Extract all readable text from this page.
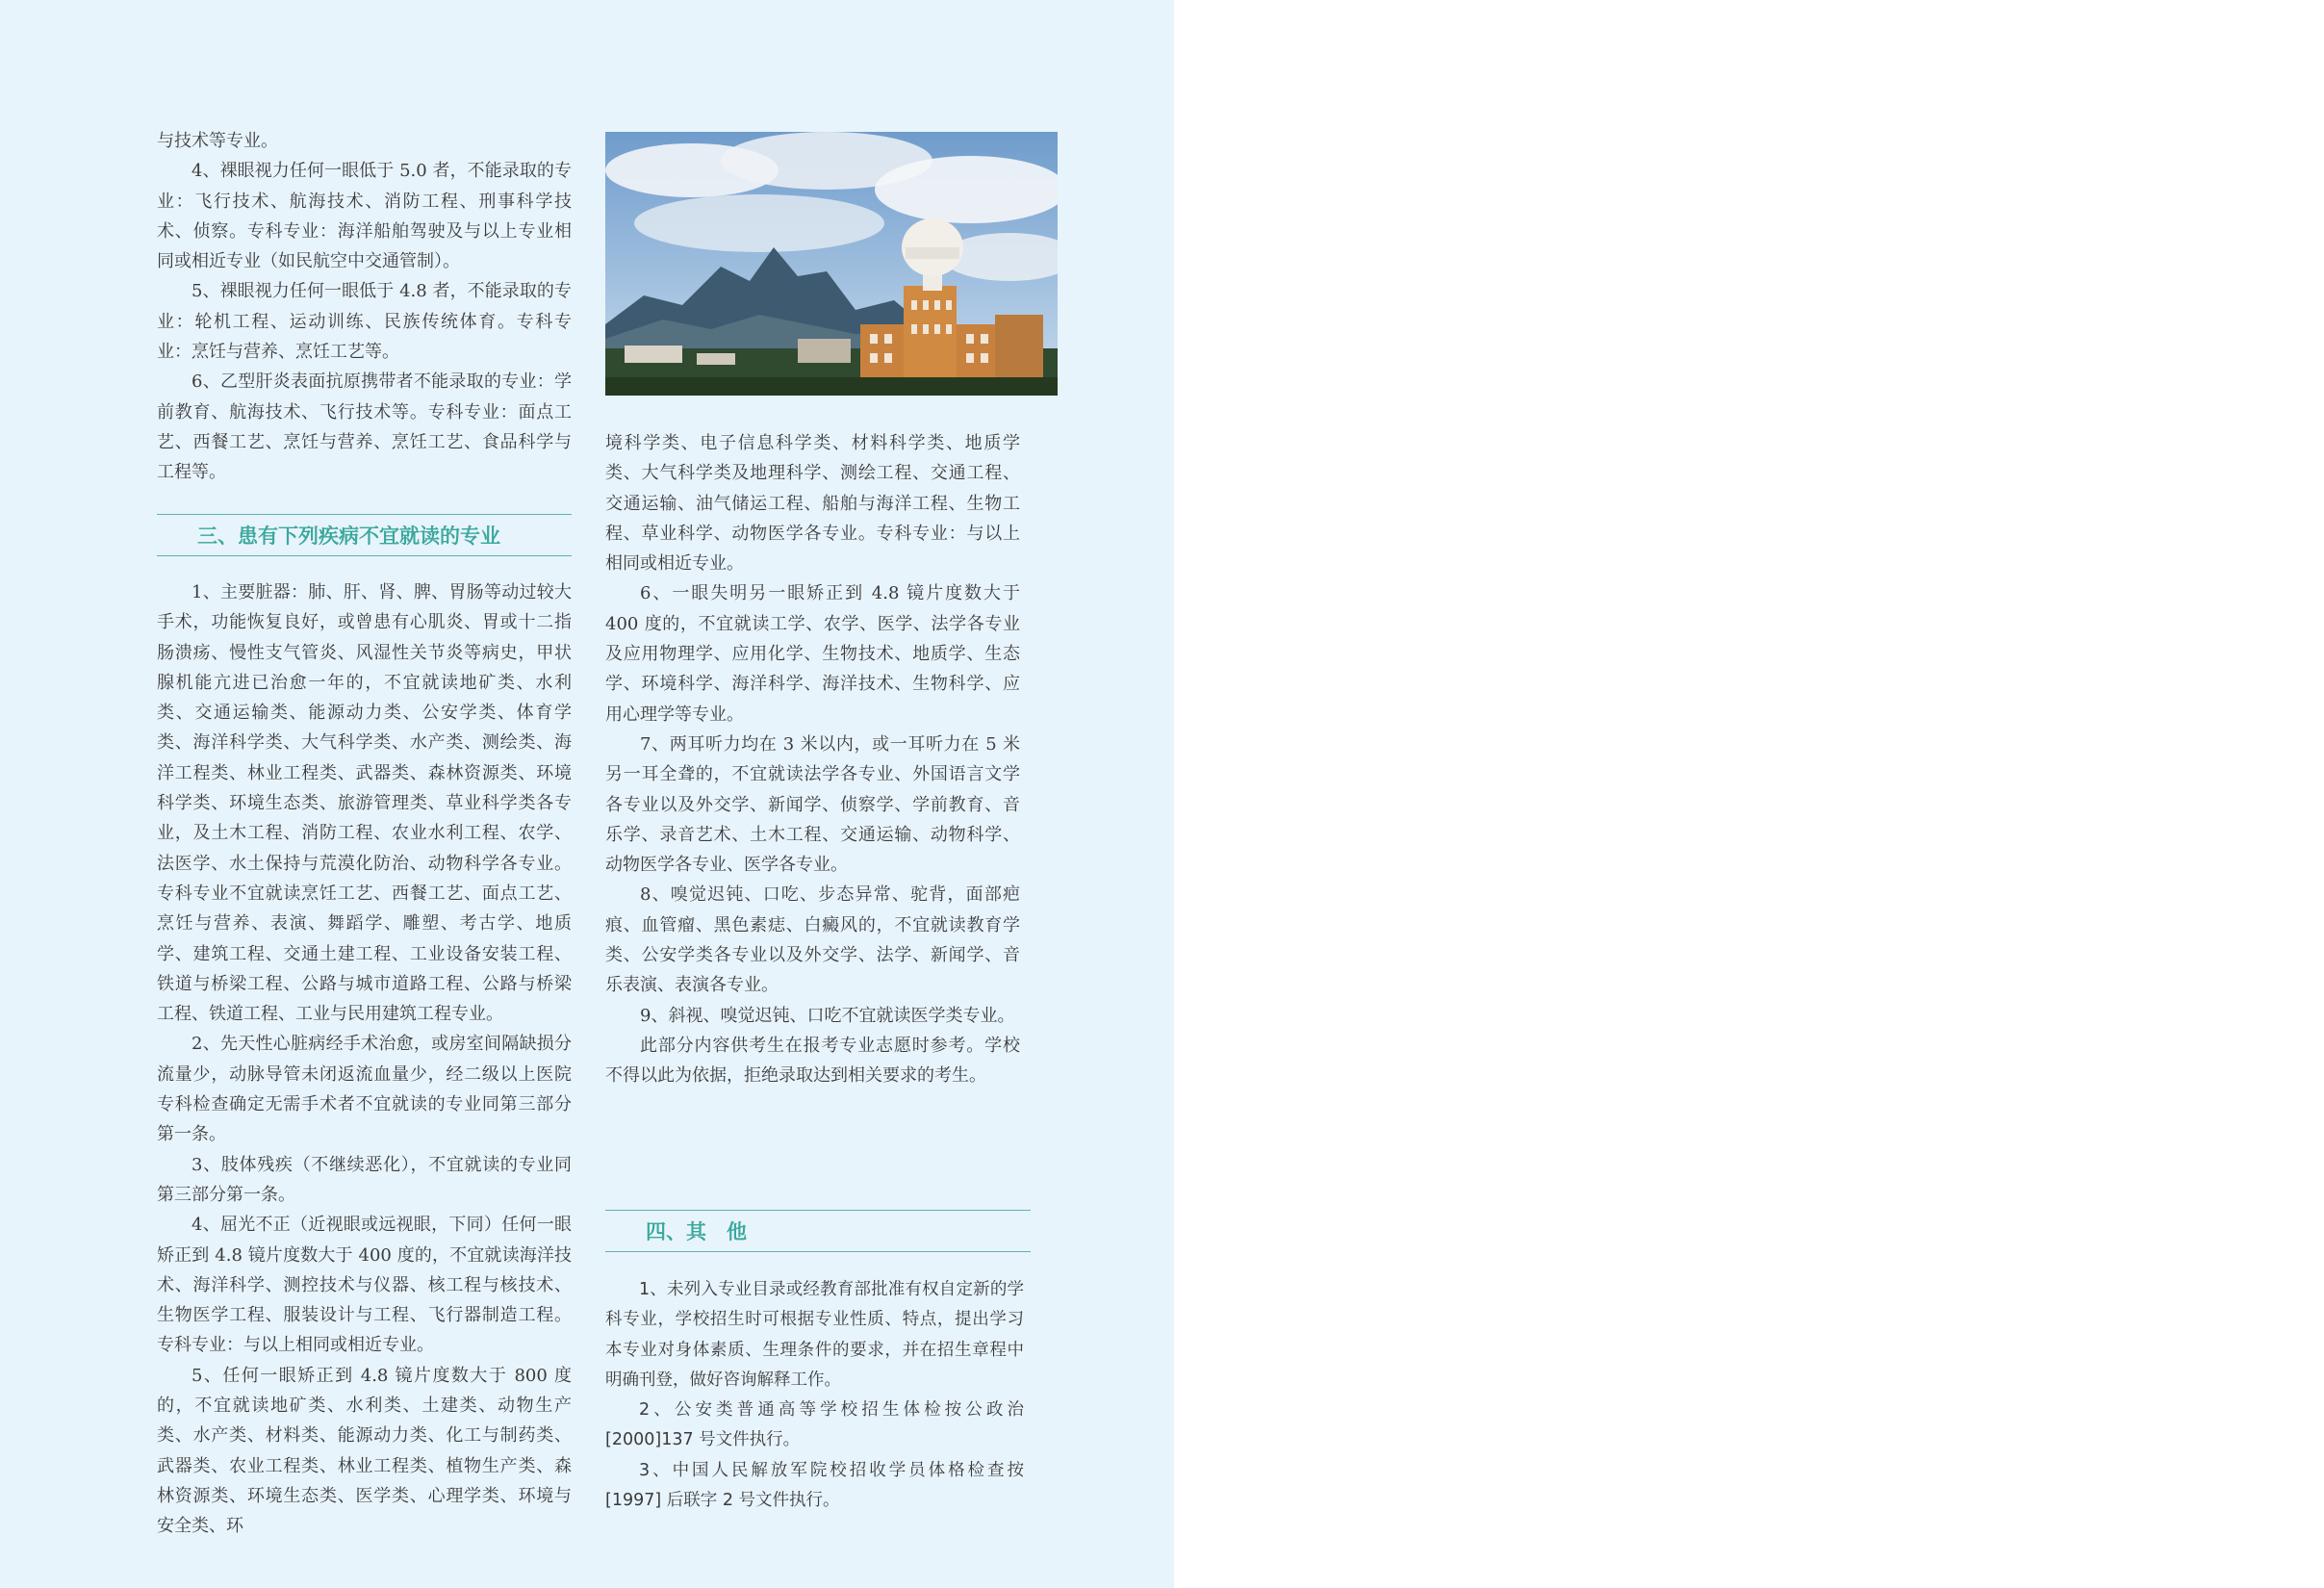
与技术等专业。

4、裸眼视力任何一眼低于 5.0 者，不能录取的专业：飞行技术、航海技术、消防工程、刑事科学技术、侦察。专科专业：海洋船舶驾驶及与以上专业相同或相近专业（如民航空中交通管制）。

5、裸眼视力任何一眼低于 4.8 者，不能录取的专业：轮机工程、运动训练、民族传统体育。专科专业：烹饪与营养、烹饪工艺等。

6、乙型肝炎表面抗原携带者不能录取的专业：学前教育、航海技术、飞行技术等。专科专业：面点工艺、西餐工艺、烹饪与营养、烹饪工艺、食品科学与工程等。

三、患有下列疾病不宜就读的专业

1、主要脏器：肺、肝、肾、脾、胃肠等动过较大手术，功能恢复良好，或曾患有心肌炎、胃或十二指肠溃疡、慢性支气管炎、风湿性关节炎等病史，甲状腺机能亢进已治愈一年的，不宜就读地矿类、水利类、交通运输类、能源动力类、公安学类、体育学类、海洋科学类、大气科学类、水产类、测绘类、海洋工程类、林业工程类、武器类、森林资源类、环境科学类、环境生态类、旅游管理类、草业科学类各专业，及土木工程、消防工程、农业水利工程、农学、法医学、水土保持与荒漠化防治、动物科学各专业。专科专业不宜就读烹饪工艺、西餐工艺、面点工艺、烹饪与营养、表演、舞蹈学、雕塑、考古学、地质学、建筑工程、交通土建工程、工业设备安装工程、铁道与桥梁工程、公路与城市道路工程、公路与桥梁工程、铁道工程、工业与民用建筑工程专业。

2、先天性心脏病经手术治愈，或房室间隔缺损分流量少，动脉导管未闭返流血量少，经二级以上医院专科检查确定无需手术者不宜就读的专业同第三部分第一条。

3、肢体残疾（不继续恶化），不宜就读的专业同第三部分第一条。

4、屈光不正（近视眼或远视眼，下同）任何一眼矫正到 4.8 镜片度数大于 400 度的，不宜就读海洋技术、海洋科学、测控技术与仪器、核工程与核技术、生物医学工程、服装设计与工程、飞行器制造工程。专科专业：与以上相同或相近专业。

5、任何一眼矫正到 4.8 镜片度数大于 800 度的，不宜就读地矿类、水利类、土建类、动物生产类、水产类、材料类、能源动力类、化工与制药类、武器类、农业工程类、林业工程类、植物生产类、森林资源类、环境生态类、医学类、心理学类、环境与安全类、环

境科学类、电子信息科学类、材料科学类、地质学类、大气科学类及地理科学、测绘工程、交通工程、交通运输、油气储运工程、船舶与海洋工程、生物工程、草业科学、动物医学各专业。专科专业：与以上相同或相近专业。

6、一眼失明另一眼矫正到 4.8 镜片度数大于 400 度的，不宜就读工学、农学、医学、法学各专业及应用物理学、应用化学、生物技术、地质学、生态学、环境科学、海洋科学、海洋技术、生物科学、应用心理学等专业。

7、两耳听力均在 3 米以内，或一耳听力在 5 米另一耳全聋的，不宜就读法学各专业、外国语言文学各专业以及外交学、新闻学、侦察学、学前教育、音乐学、录音艺术、土木工程、交通运输、动物科学、动物医学各专业、医学各专业。

8、嗅觉迟钝、口吃、步态异常、驼背，面部疤痕、血管瘤、黑色素痣、白癜风的，不宜就读教育学类、公安学类各专业以及外交学、法学、新闻学、音乐表演、表演各专业。

9、斜视、嗅觉迟钝、口吃不宜就读医学类专业。

此部分内容供考生在报考专业志愿时参考。学校不得以此为依据，拒绝录取达到相关要求的考生。

四、其　他

1、未列入专业目录或经教育部批准有权自定新的学科专业，学校招生时可根据专业性质、特点，提出学习本专业对身体素质、生理条件的要求，并在招生章程中明确刊登，做好咨询解释工作。

2、公安类普通高等学校招生体检按公政治[2000]137 号文件执行。

3、中国人民解放军院校招收学员体格检查按[1997] 后联字 2 号文件执行。
